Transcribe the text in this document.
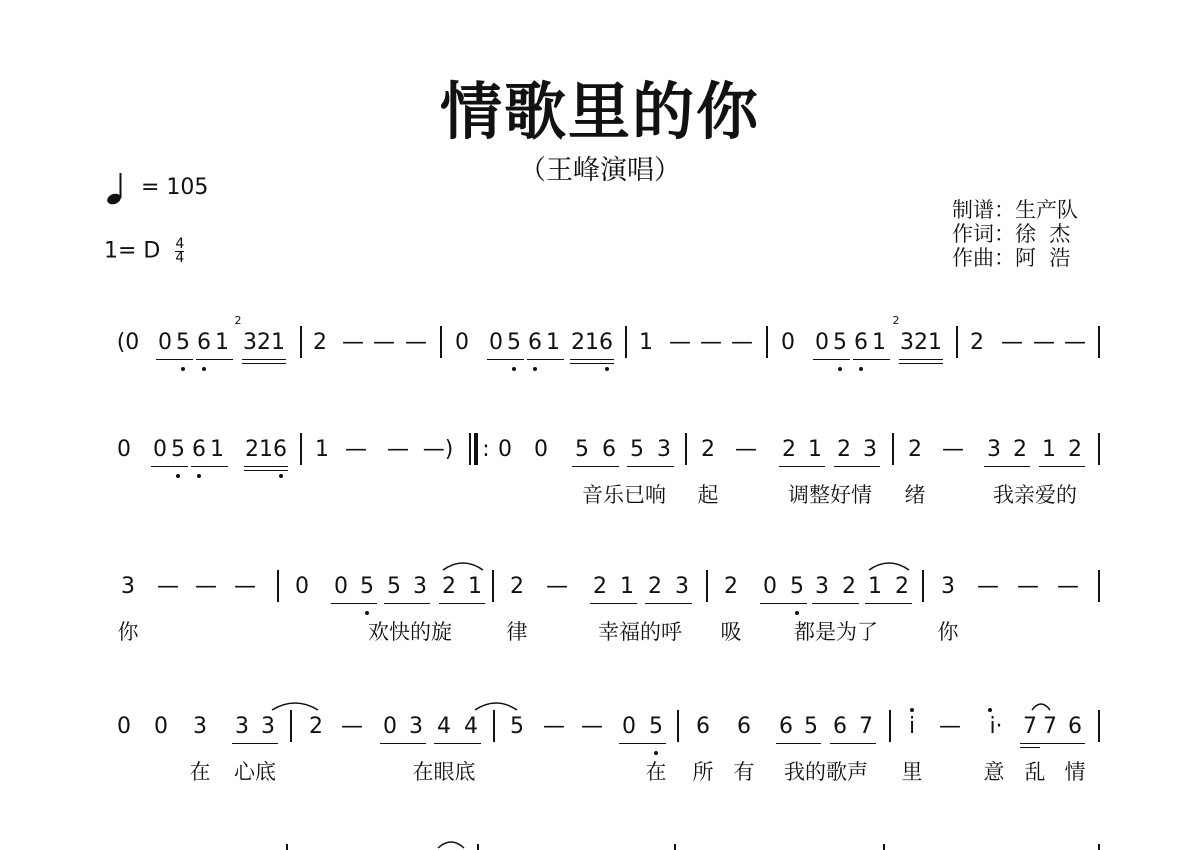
情歌里的你
（王峰演唱）
= 105
1= D $\frac{4}{4}$
制谱：生产队
作词：徐  杰
作曲：阿  浩
(0 0 5 6 1 321
2
2 — — — 0 0 5 6 1 216 1 — — — 0 0 5 6 1 321
2
2 — — —
0 0 5 6 1 216 1 — — —) : 0 0 5 6 5 3 2 — 2 1 2 3 2 — 3 2 1 2
音乐已响 起	调整好情 绪	我亲爱的
3 — — — 0 0 5 5 3 2 1 2 — 2 1 2 3 2 0 5 3 2 1 2 3 — — —
你	欢快的旋	律	幸福的呼 吸	都是为了	你
0 0 3 3 3 2 — 0 3 4 4 5 — — 0 5 6 6 6 5 6 7 i — i· 7 7 6
在 心底	在眼底	在 所 有 我的歌声 里	意 乱 情
